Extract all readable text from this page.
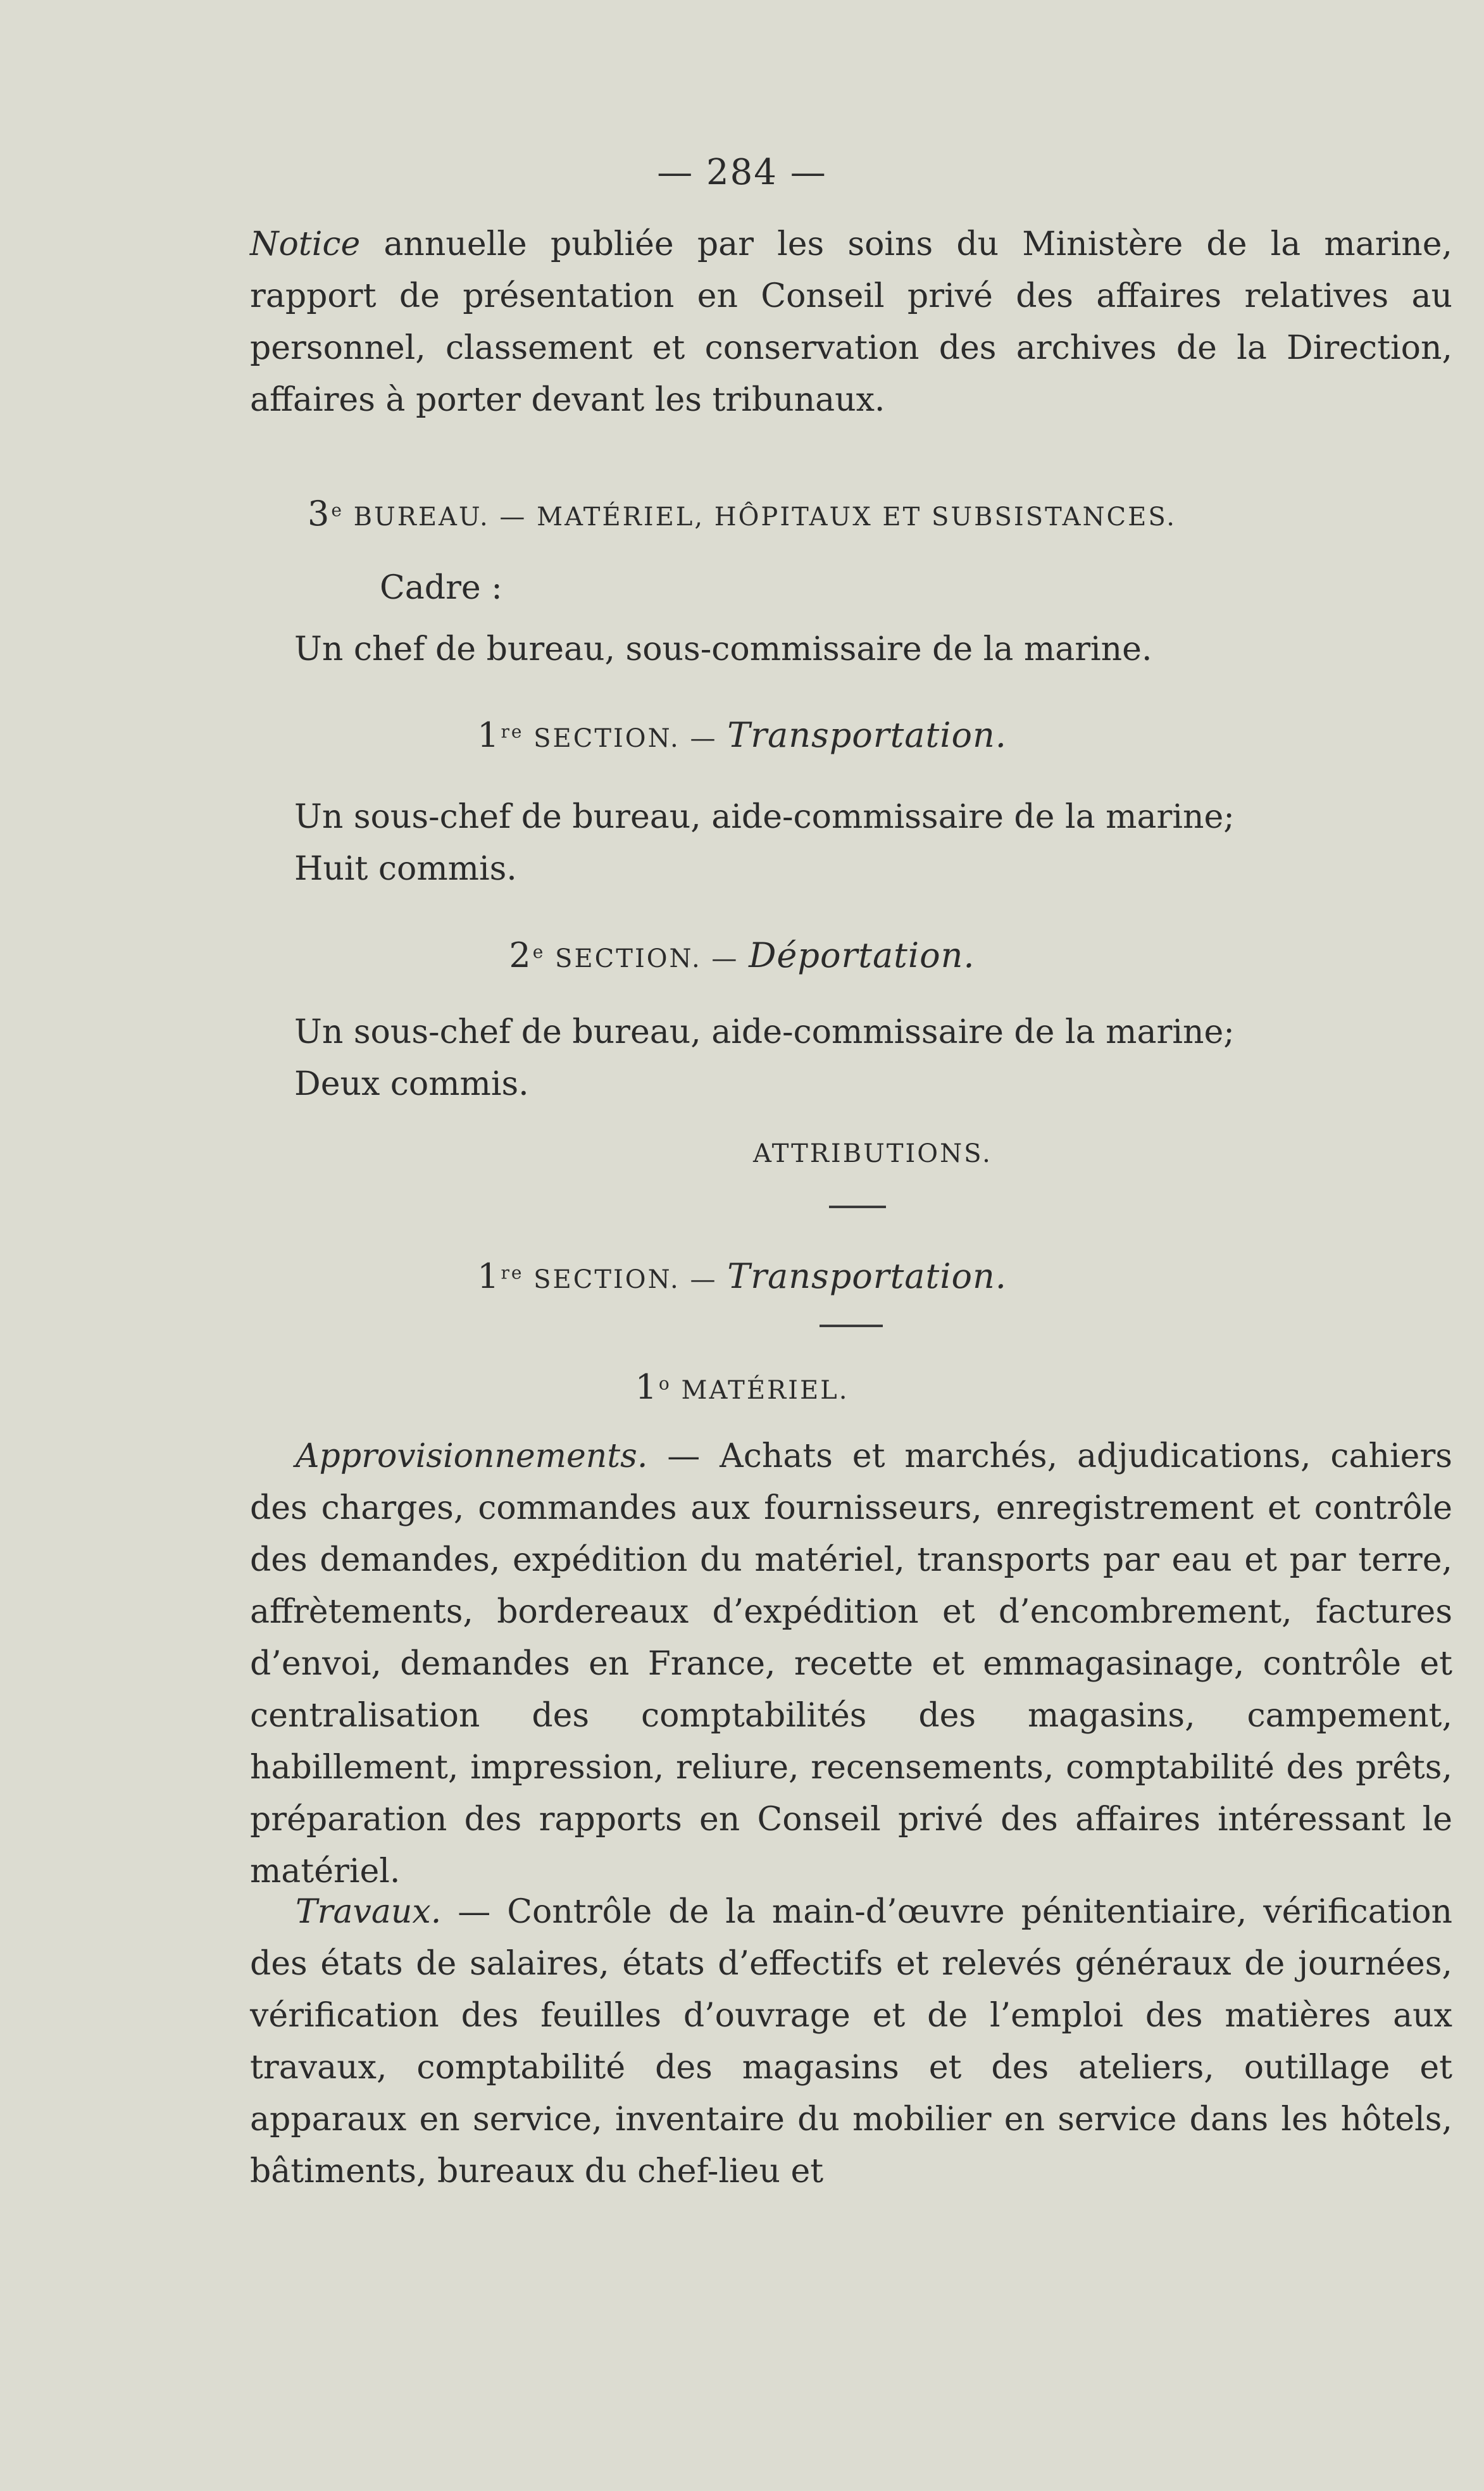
— 284 —

Notice annuelle publiée par les soins du Ministère de la marine, rapport de présentation en Conseil privé des affaires relatives au personnel, classement et conservation des archives de la Direction, affaires à porter devant les tribunaux.

3e BUREAU. — MATÉRIEL, HÔPITAUX ET SUBSISTANCES.
Cadre :
Un chef de bureau, sous-commissaire de la marine.
1re SECTION. — Transportation.
Un sous-chef de bureau, aide-commissaire de la marine;
Huit commis.
2e SECTION. — Déportation.
Un sous-chef de bureau, aide-commissaire de la marine;
Deux commis.
ATTRIBUTIONS.
1re SECTION. — Transportation.
1$^o$ MATÉRIEL.

Approvisionnements. — Achats et marchés, adjudications, cahiers des charges, commandes aux fournisseurs, enregistrement et contrôle des demandes, expédition du matériel, transports par eau et par terre, affrètements, bordereaux d’expédition et d’encombrement, factures d’envoi, demandes en France, recette et emmagasinage, contrôle et centralisation des comptabilités des magasins, campement, habillement, impression, reliure, recensements, comptabilité des prêts, préparation des rapports en Conseil privé des affaires intéressant le matériel.

Travaux. — Contrôle de la main-d’œuvre pénitentiaire, vérification des états de salaires, états d’effectifs et relevés généraux de journées, vérification des feuilles d’ouvrage et de l’emploi des matières aux travaux, comptabilité des magasins et des ateliers, outillage et apparaux en service, inventaire du mobilier en service dans les hôtels, bâtiments, bureaux du chef-lieu et
